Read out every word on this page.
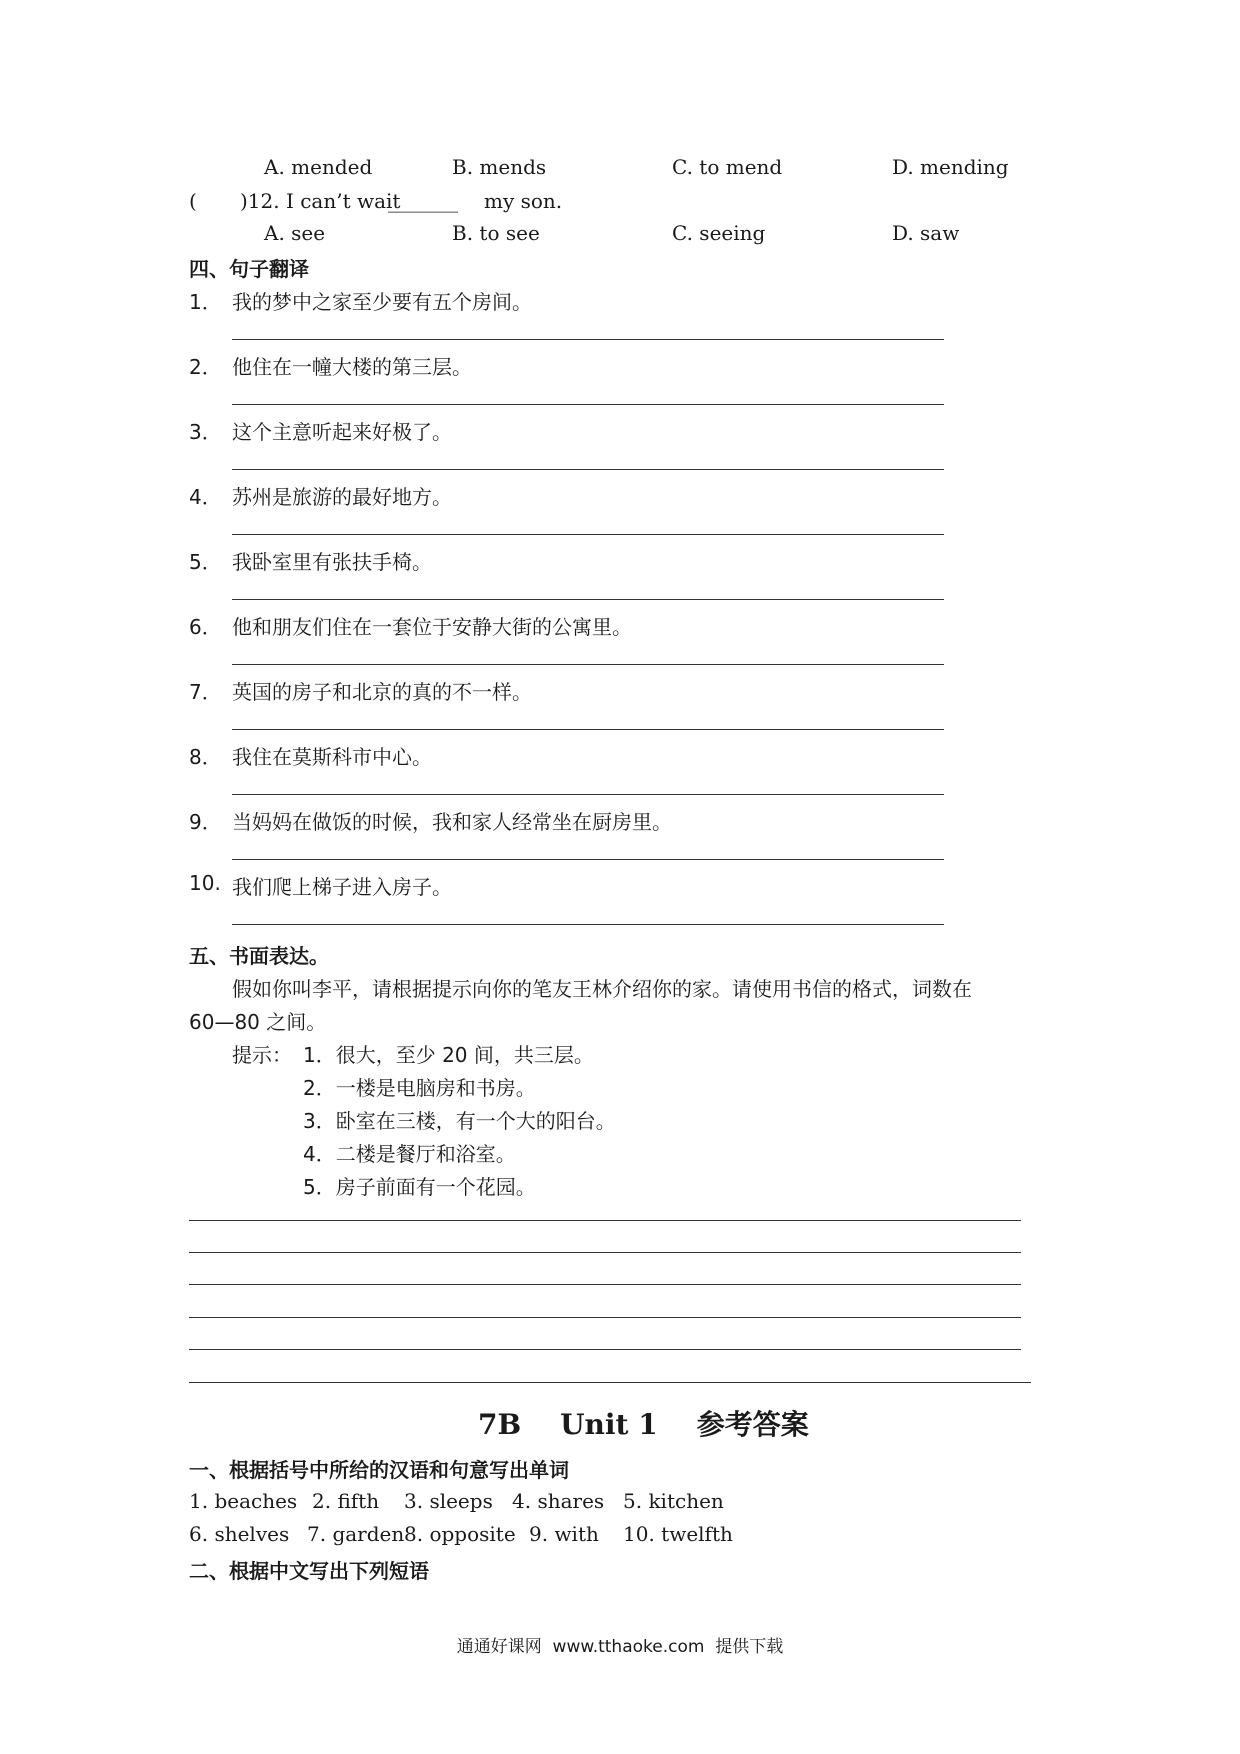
A. mended	B. mends	C. to mend	D. mending
( )12. I can’t wait
_______ my son.
A. see	B. to see	C. seeing	D. saw
四、句子翻译
1． 我的梦中之家至少要有五个房间。
2． 他住在一幢大楼的第三层。
3． 这个主意听起来好极了。
4． 苏州是旅游的最好地方。
5． 我卧室里有张扶手椅。
6． 他和朋友们住在一套位于安静大街的公寓里。
7． 英国的房子和北京的真的不一样。
8． 我住在莫斯科市中心。
9． 当妈妈在做饭的时候，我和家人经常坐在厨房里。
10. 我们爬上梯子进入房子。
五、书面表达。
假如你叫李平，请根据提示向你的笔友王林介绍你的家。请使用书信的格式，词数在
60—80 之间。
提示： 1．很大，至少 20 间，共三层。
2．一楼是电脑房和书房。
3．卧室在三楼，有一个大的阳台。
4．二楼是餐厅和浴室。
5．房子前面有一个花园。
7B    Unit 1    参考答案
一、根据括号中所给的汉语和句意写出单词
1. beaches 2. fifth 3. sleeps 4. shares 5. kitchen
6. shelves 7. garden 8. opposite 9. with 10. twelfth
二、根据中文写出下列短语
通通好课网  www.tthaoke.com  提供下载
